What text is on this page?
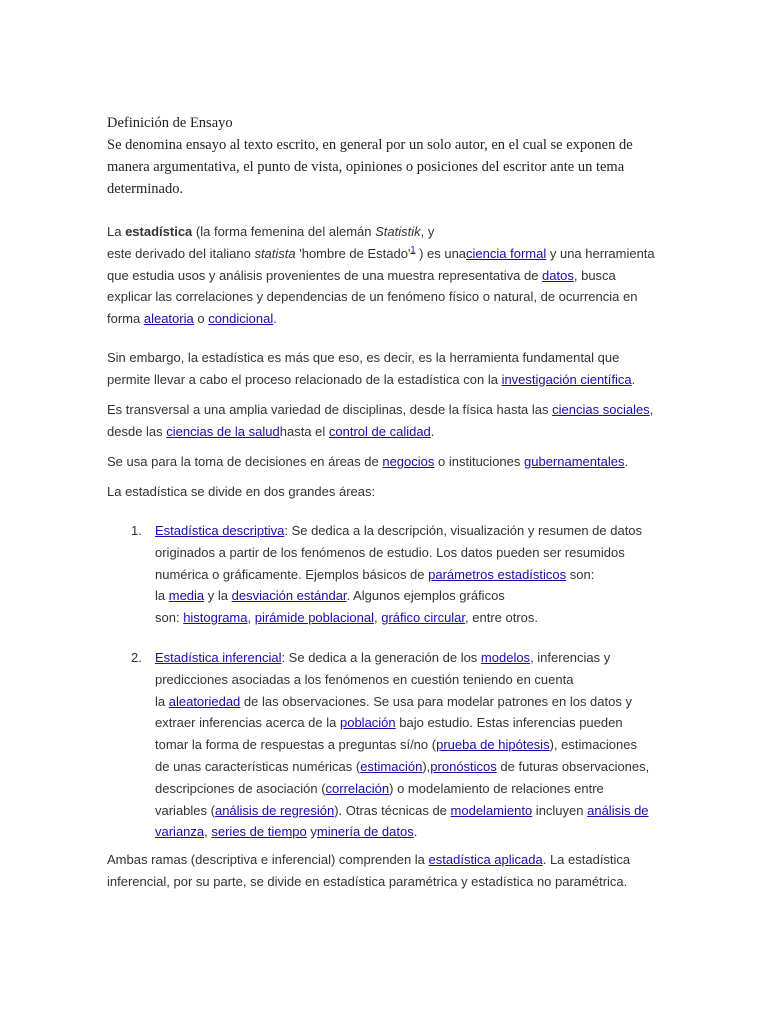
Definición de Ensayo

Se denomina ensayo al texto escrito, en general por un solo autor, en el cual se exponen de

manera argumentativa, el punto de vista, opiniones o posiciones del escritor ante un tema

determinado.

La estadística (la forma femenina del alemán Statistik, y

este derivado del italiano statista 'hombre de $Estado'^1$ ) es unaciencia formal y una herramienta

que estudia usos y análisis provenientes de una muestra representativa de datos, busca

explicar las correlaciones y dependencias de un fenómeno físico o natural, de ocurrencia en

forma aleatoria o condicional.

Sin embargo, la estadística es más que eso, es decir, es la herramienta fundamental que

permite llevar a cabo el proceso relacionado de la estadística con la investigación científica.

Es transversal a una amplia variedad de disciplinas, desde la física hasta las ciencias sociales,

desde las ciencias de la saludhasta el control de calidad.

Se usa para la toma de decisiones en áreas de negocios o instituciones gubernamentales.

La estadística se divide en dos grandes áreas:

1. Estadística descriptiva: Se dedica a la descripción, visualización y resumen de datos
originados a partir de los fenómenos de estudio. Los datos pueden ser resumidos
numérica o gráficamente. Ejemplos básicos de parámetros estadísticos son:
la media y la desviación estándar. Algunos ejemplos gráficos
son: histograma, pirámide poblacional, gráfico circular, entre otros.
2. Estadística inferencial: Se dedica a la generación de los modelos, inferencias y
predicciones asociadas a los fenómenos en cuestión teniendo en cuenta
la aleatoriedad de las observaciones. Se usa para modelar patrones en los datos y
extraer inferencias acerca de la población bajo estudio. Estas inferencias pueden
tomar la forma de respuestas a preguntas sí/no (prueba de hipótesis), estimaciones
de unas características numéricas (estimación),pronósticos de futuras observaciones,
descripciones de asociación (correlación) o modelamiento de relaciones entre
variables (análisis de regresión). Otras técnicas de modelamiento incluyen análisis de
varianza, series de tiempo yminería de datos.

Ambas ramas (descriptiva e inferencial) comprenden la estadística aplicada. La estadística

inferencial, por su parte, se divide en estadística paramétrica y estadística no paramétrica.
